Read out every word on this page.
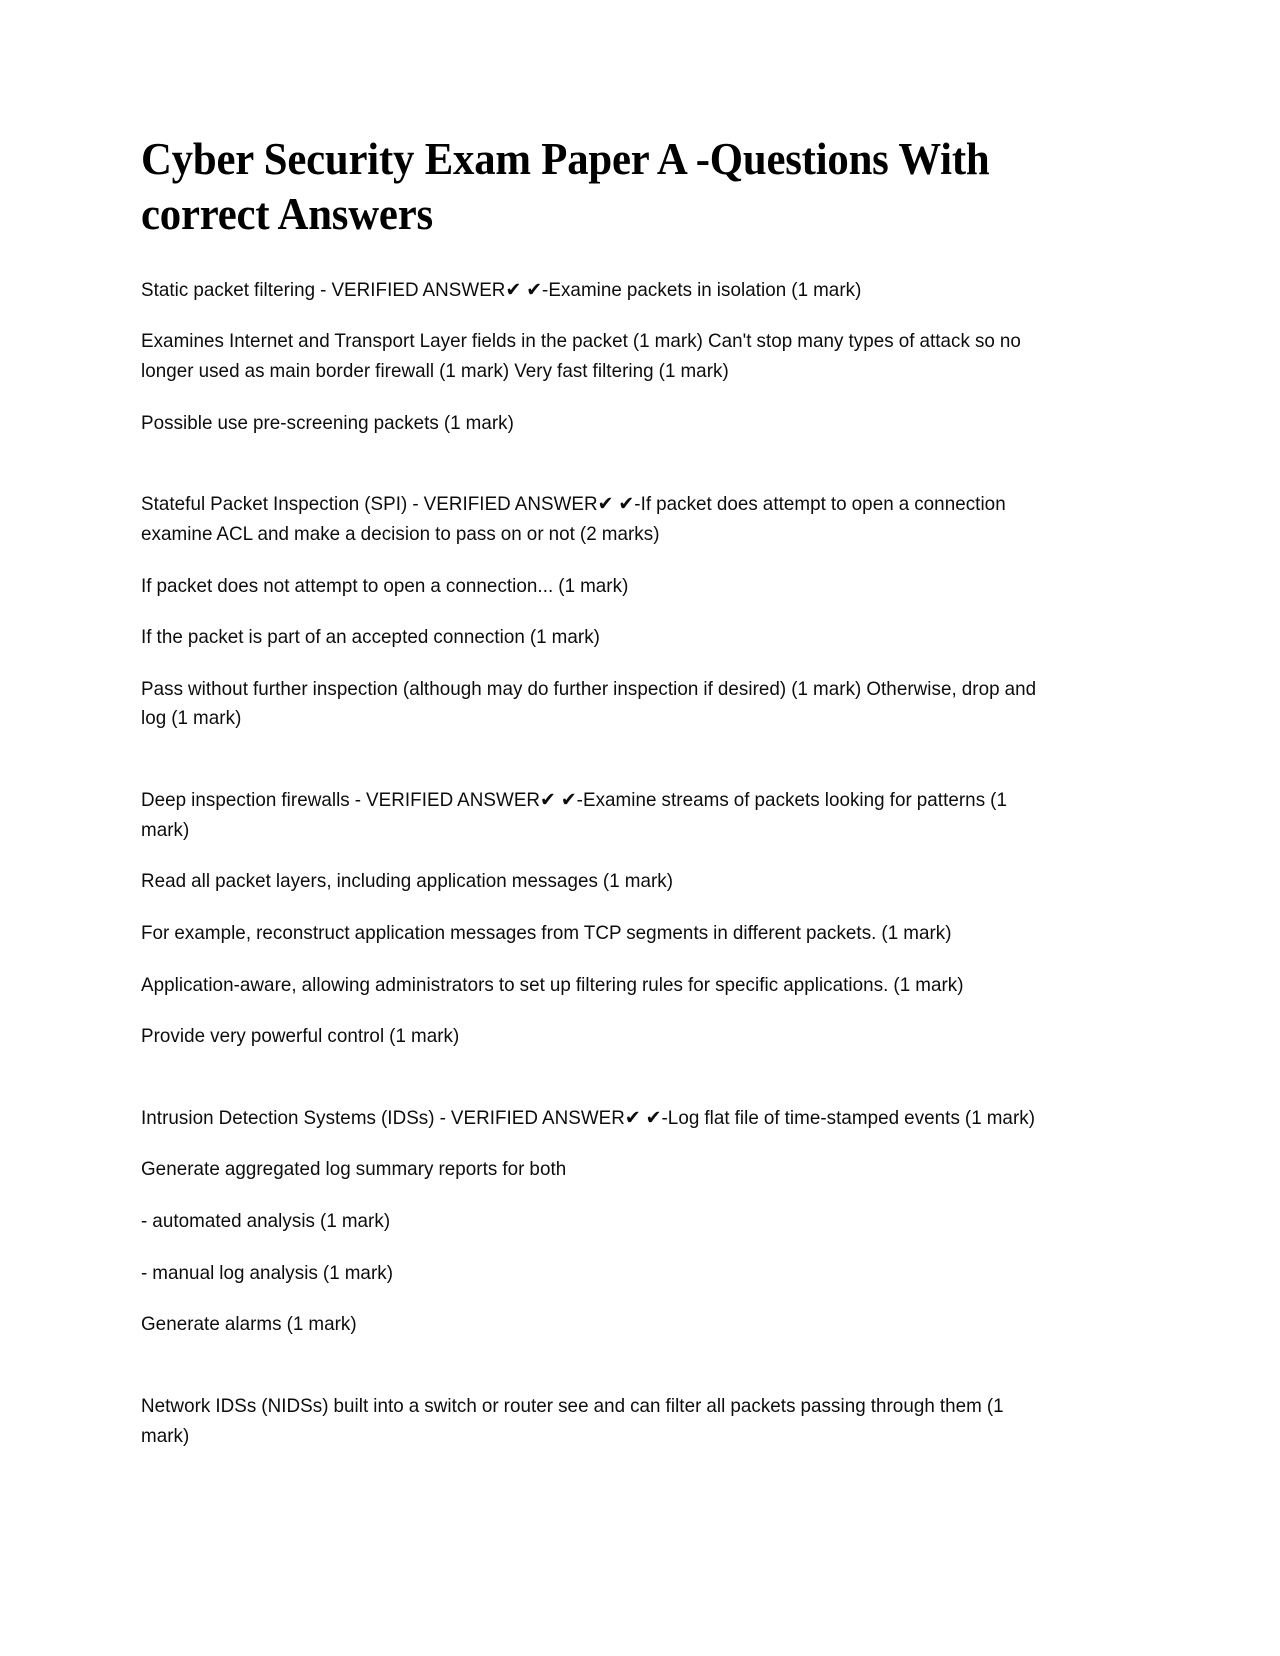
Cyber Security Exam Paper A -Questions With correct Answers

Static packet filtering - VERIFIED ANSWER✔ ✔-Examine packets in isolation (1 mark)

Examines Internet and Transport Layer fields in the packet (1 mark) Can't stop many types of attack so no longer used as main border firewall (1 mark) Very fast filtering (1 mark)

Possible use pre-screening packets (1 mark)

Stateful Packet Inspection (SPI) - VERIFIED ANSWER✔ ✔-If packet does attempt to open a connection examine ACL and make a decision to pass on or not (2 marks)

If packet does not attempt to open a connection... (1 mark)

If the packet is part of an accepted connection (1 mark)

Pass without further inspection (although may do further inspection if desired) (1 mark) Otherwise, drop and log (1 mark)

Deep inspection firewalls - VERIFIED ANSWER✔ ✔-Examine streams of packets looking for patterns (1 mark)

Read all packet layers, including application messages (1 mark)

For example, reconstruct application messages from TCP segments in different packets. (1 mark)

Application-aware, allowing administrators to set up filtering rules for specific applications. (1 mark)

Provide very powerful control (1 mark)

Intrusion Detection Systems (IDSs) - VERIFIED ANSWER✔ ✔-Log flat file of time-stamped events (1 mark)

Generate aggregated log summary reports for both

- automated analysis (1 mark)

- manual log analysis (1 mark)

Generate alarms (1 mark)

Network IDSs (NIDSs) built into a switch or router see and can filter all packets passing through them (1 mark)
